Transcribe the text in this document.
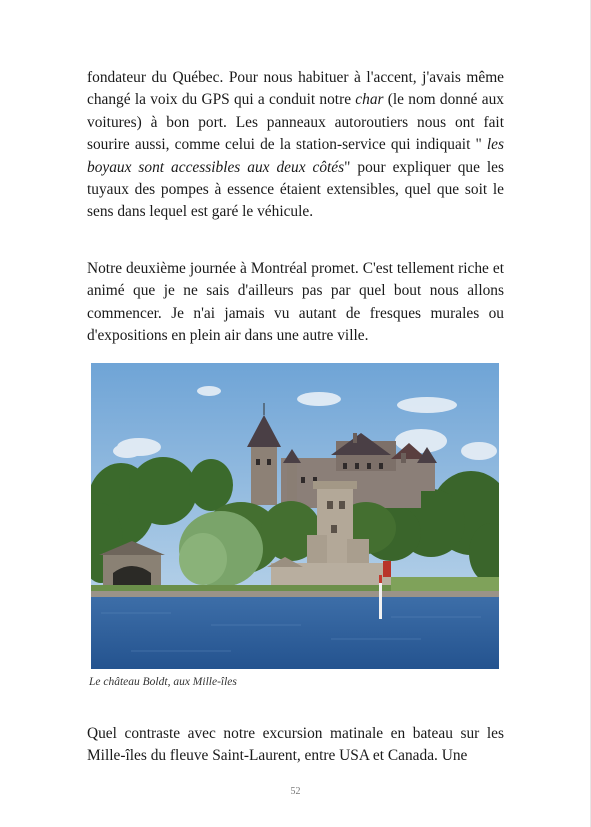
fondateur du Québec. Pour nous habituer à l'accent, j'avais même changé la voix du GPS qui a conduit notre char (le nom donné aux voitures) à bon port. Les panneaux autoroutiers nous ont fait sourire aussi, comme celui de la station-service qui indiquait " les boyaux sont accessibles aux deux côtés" pour expliquer que les tuyaux des pompes à essence étaient extensibles, quel que soit le sens dans lequel est garé le véhicule.
Notre deuxième journée à Montréal promet. C'est tellement riche et animé que je ne sais d'ailleurs pas par quel bout nous allons commencer. Je n'ai jamais vu autant de fresques murales ou d'expositions en plein air dans une autre ville.
Le château Boldt, aux Mille-îles
Quel contraste avec notre excursion matinale en bateau sur les Mille-îles du fleuve Saint-Laurent, entre USA et Canada. Une
52
